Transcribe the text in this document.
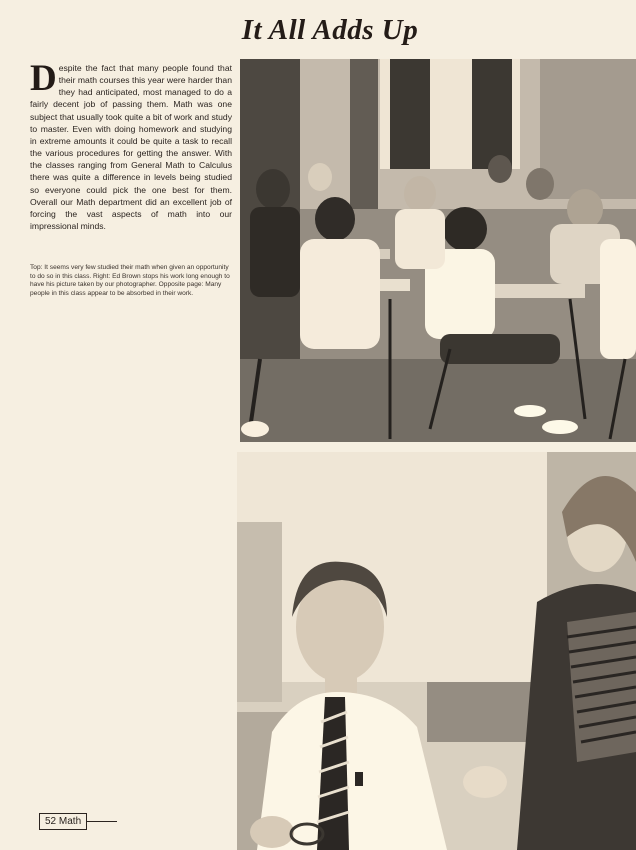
It All Adds Up

Despite the fact that many people found that their math courses this year were harder than they had anticipated, most managed to do a fairly decent job of passing them. Math was one subject that usually took quite a bit of work and study to master. Even with doing homework and studying in extreme amounts it could be quite a task to recall the various procedures for getting the answer. With the classes ranging from General Math to Calculus there was quite a difference in levels being studied so everyone could pick the one best for them. Overall our Math department did an excellent job of forcing the vast aspects of math into our impressional minds.

Top: It seems very few studied their math when given an opportunity to do so in this class. Right: Ed Brown stops his work long enough to have his picture taken by our photographer. Opposite page: Many people in this class appear to be absorbed in their work.

52 Math
